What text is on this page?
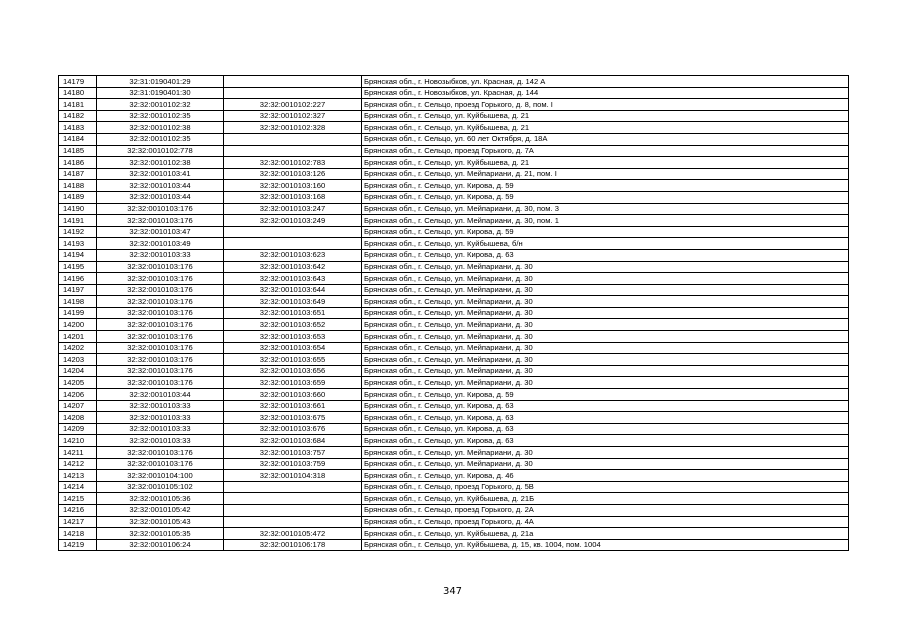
14179	32:31:0190401:29		Брянская обл., г. Новозыбков, ул. Красная, д. 142 А
14180	32:31:0190401:30		Брянская обл., г. Новозыбков, ул. Красная, д. 144
14181	32:32:0010102:32	32:32:0010102:227	Брянская обл., г. Сельцо, проезд Горького, д. 8, пом. I
14182	32:32:0010102:35	32:32:0010102:327	Брянская обл., г. Сельцо, ул. Куйбышева, д. 21
14183	32:32:0010102:38	32:32:0010102:328	Брянская обл., г. Сельцо, ул. Куйбышева, д. 21
14184	32:32:0010102:35		Брянская обл., г. Сельцо, ул. 60 лет Октября, д. 18А
14185	32:32:0010102:778		Брянская обл., г. Сельцо, проезд Горького, д. 7А
14186	32:32:0010102:38	32:32:0010102:783	Брянская обл., г. Сельцо, ул. Куйбышева, д. 21
14187	32:32:0010103:41	32:32:0010103:126	Брянская обл., г. Сельцо, ул. Мейпариани, д. 21, пом. I
14188	32:32:0010103:44	32:32:0010103:160	Брянская обл., г. Сельцо, ул. Кирова, д. 59
14189	32:32:0010103:44	32:32:0010103:168	Брянская обл., г. Сельцо, ул. Кирова, д. 59
14190	32:32:0010103:176	32:32:0010103:247	Брянская обл., г. Сельцо, ул. Мейпариани, д. 30, пом. 3
14191	32:32:0010103:176	32:32:0010103:249	Брянская обл., г. Сельцо, ул. Мейпариани, д. 30, пом. 1
14192	32:32:0010103:47		Брянская обл., г. Сельцо, ул. Кирова, д. 59
14193	32:32:0010103:49		Брянская обл., г. Сельцо, ул. Куйбышева, б/н
14194	32:32:0010103:33	32:32:0010103:623	Брянская обл., г. Сельцо, ул. Кирова, д. 63
14195	32:32:0010103:176	32:32:0010103:642	Брянская обл., г. Сельцо, ул. Мейпариани, д. 30
14196	32:32:0010103:176	32:32:0010103:643	Брянская обл., г. Сельцо, ул. Мейпариани, д. 30
14197	32:32:0010103:176	32:32:0010103:644	Брянская обл., г. Сельцо, ул. Мейпариани, д. 30
14198	32:32:0010103:176	32:32:0010103:649	Брянская обл., г. Сельцо, ул. Мейпариани, д. 30
14199	32:32:0010103:176	32:32:0010103:651	Брянская обл., г. Сельцо, ул. Мейпариани, д. 30
14200	32:32:0010103:176	32:32:0010103:652	Брянская обл., г. Сельцо, ул. Мейпариани, д. 30
14201	32:32:0010103:176	32:32:0010103:653	Брянская обл., г. Сельцо, ул. Мейпариани, д. 30
14202	32:32:0010103:176	32:32:0010103:654	Брянская обл., г. Сельцо, ул. Мейпариани, д. 30
14203	32:32:0010103:176	32:32:0010103:655	Брянская обл., г. Сельцо, ул. Мейпариани, д. 30
14204	32:32:0010103:176	32:32:0010103:656	Брянская обл., г. Сельцо, ул. Мейпариани, д. 30
14205	32:32:0010103:176	32:32:0010103:659	Брянская обл., г. Сельцо, ул. Мейпариани, д. 30
14206	32:32:0010103:44	32:32:0010103:660	Брянская обл., г. Сельцо, ул. Кирова, д. 59
14207	32:32:0010103:33	32:32:0010103:661	Брянская обл., г. Сельцо, ул. Кирова, д. 63
14208	32:32:0010103:33	32:32:0010103:675	Брянская обл., г. Сельцо, ул. Кирова, д. 63
14209	32:32:0010103:33	32:32:0010103:676	Брянская обл., г. Сельцо, ул. Кирова, д. 63
14210	32:32:0010103:33	32:32:0010103:684	Брянская обл., г. Сельцо, ул. Кирова, д. 63
14211	32:32:0010103:176	32:32:0010103:757	Брянская обл., г. Сельцо, ул. Мейпариани, д. 30
14212	32:32:0010103:176	32:32:0010103:759	Брянская обл., г. Сельцо, ул. Мейпариани, д. 30
14213	32:32:0010104:100	32:32:0010104:318	Брянская обл., г. Сельцо, ул. Кирова, д. 46
14214	32:32:0010105:102		Брянская обл., г. Сельцо, проезд Горького, д. 5В
14215	32:32:0010105:36		Брянская обл., г. Сельцо, ул. Куйбышева, д. 21Б
14216	32:32:0010105:42		Брянская обл., г. Сельцо, проезд Горького, д. 2А
14217	32:32:0010105:43		Брянская обл., г. Сельцо, проезд Горького, д. 4А
14218	32:32:0010105:35	32:32:0010105:472	Брянская обл., г. Сельцо, ул. Куйбышева, д. 21а
14219	32:32:0010106:24	32:32:0010106:178	Брянская обл., г. Сельцо, ул. Куйбышева, д. 15, кв. 1004, пом. 1004
347
